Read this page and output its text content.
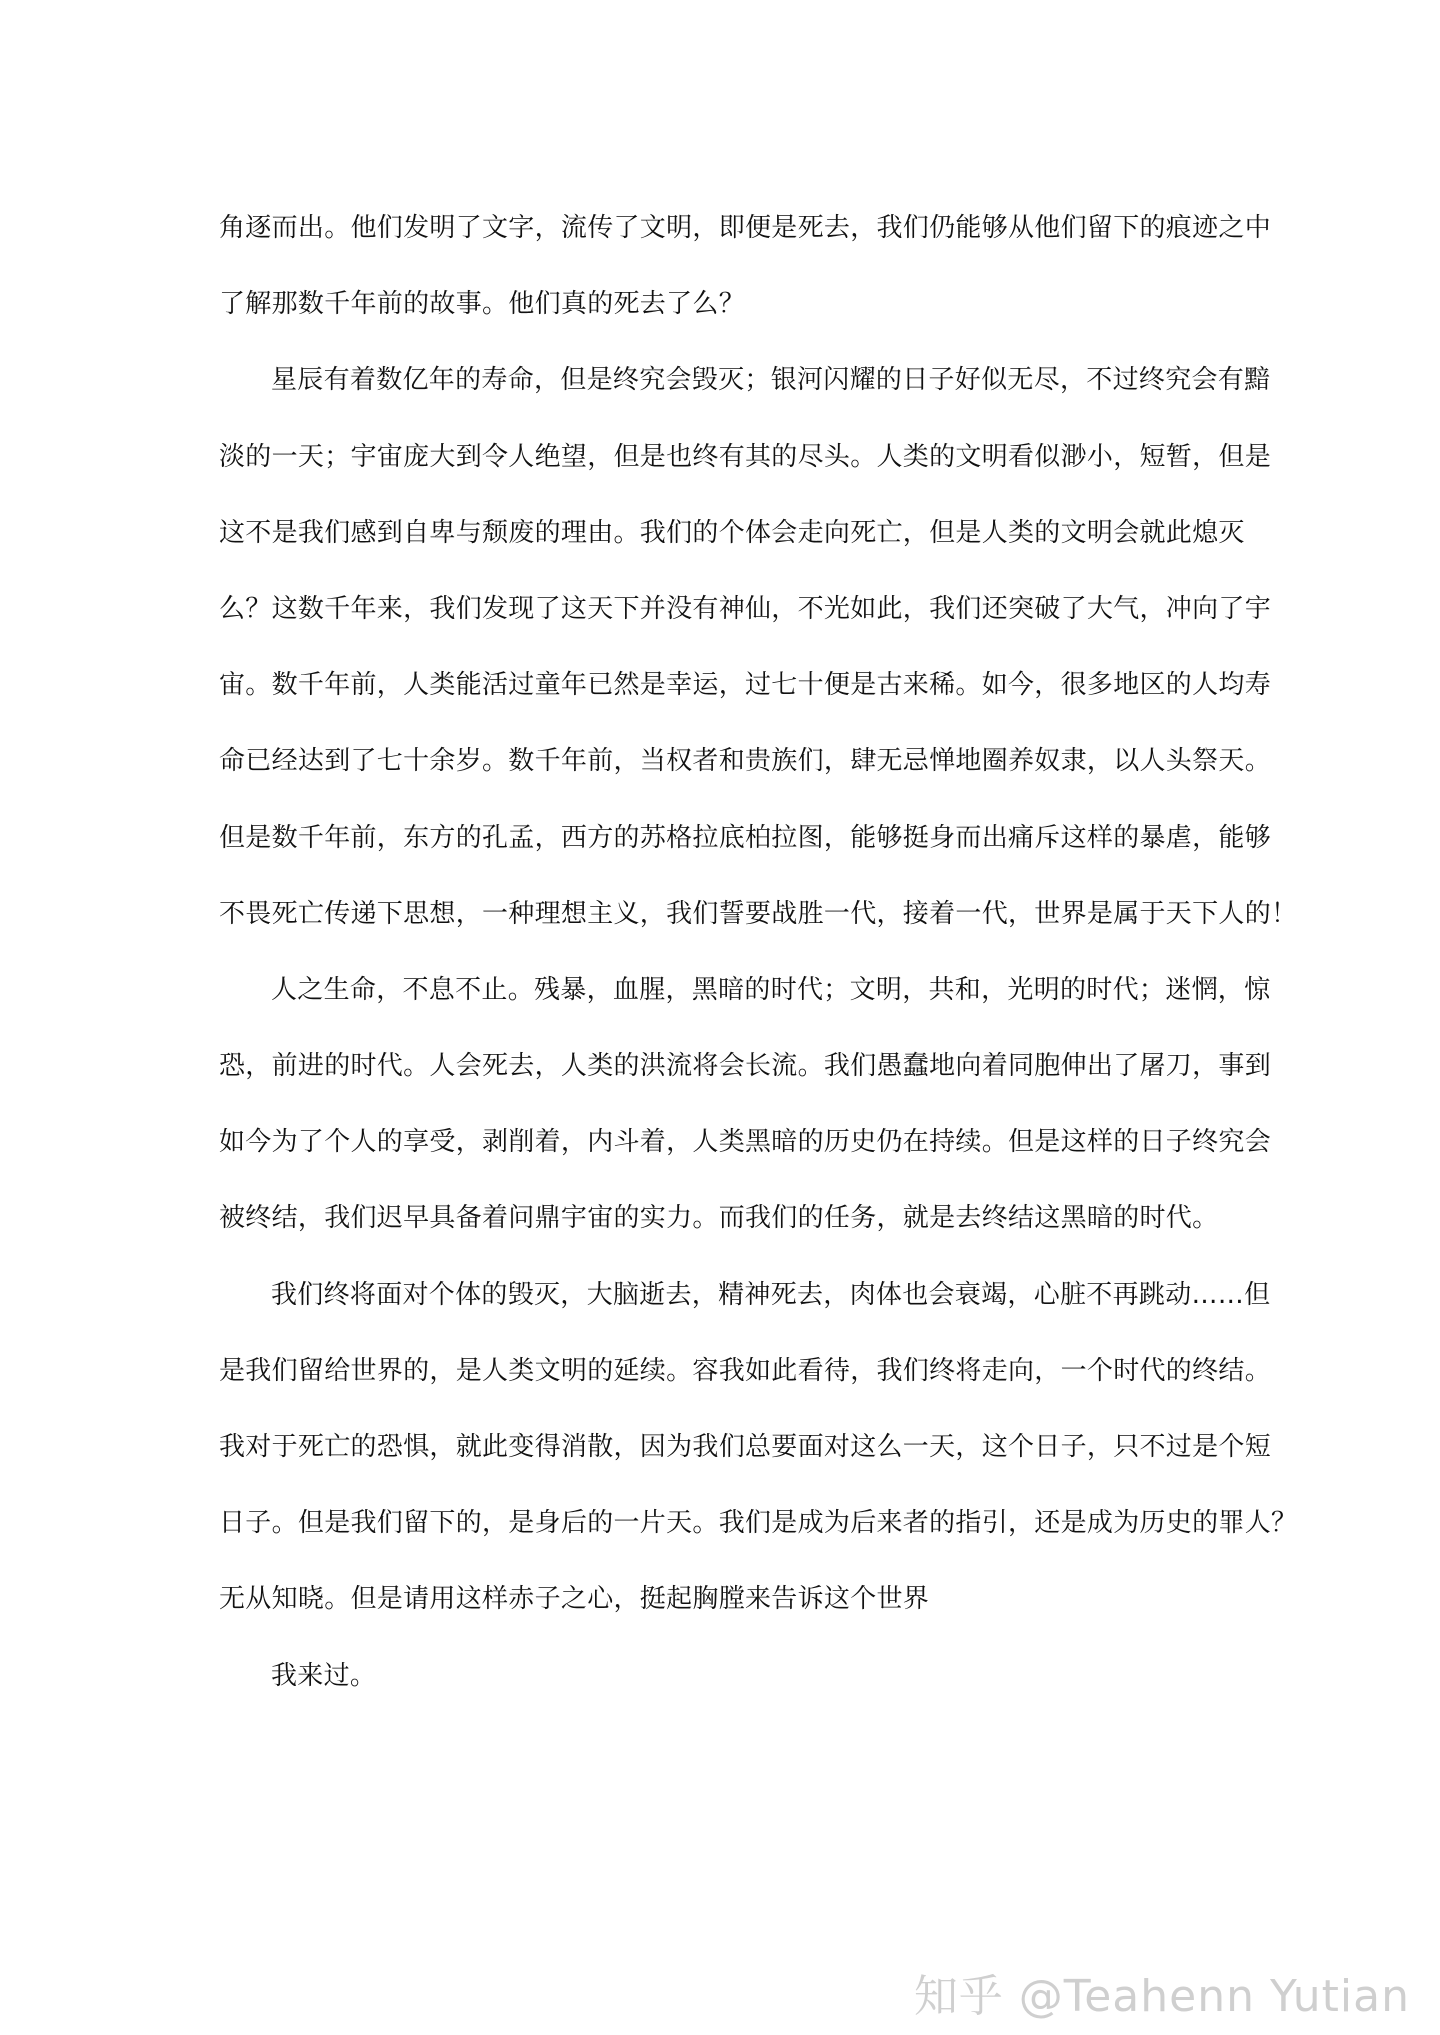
角逐而出。他们发明了文字，流传了文明，即便是死去，我们仍能够从他们留下的痕迹之中
了解那数千年前的故事。他们真的死去了么？
星辰有着数亿年的寿命，但是终究会毁灭；银河闪耀的日子好似无尽，不过终究会有黯
淡的一天；宇宙庞大到令人绝望，但是也终有其的尽头。人类的文明看似渺小，短暂，但是
这不是我们感到自卑与颓废的理由。我们的个体会走向死亡，但是人类的文明会就此熄灭
么？这数千年来，我们发现了这天下并没有神仙，不光如此，我们还突破了大气，冲向了宇
宙。数千年前，人类能活过童年已然是幸运，过七十便是古来稀。如今，很多地区的人均寿
命已经达到了七十余岁。数千年前，当权者和贵族们，肆无忌惮地圈养奴隶，以人头祭天。
但是数千年前，东方的孔孟，西方的苏格拉底柏拉图，能够挺身而出痛斥这样的暴虐，能够
不畏死亡传递下思想，一种理想主义，我们誓要战胜一代，接着一代，世界是属于天下人的！
人之生命，不息不止。残暴，血腥，黑暗的时代；文明，共和，光明的时代；迷惘，惊
恐，前进的时代。人会死去，人类的洪流将会长流。我们愚蠢地向着同胞伸出了屠刀，事到
如今为了个人的享受，剥削着，内斗着，人类黑暗的历史仍在持续。但是这样的日子终究会
被终结，我们迟早具备着问鼎宇宙的实力。而我们的任务，就是去终结这黑暗的时代。
我们终将面对个体的毁灭，大脑逝去，精神死去，肉体也会衰竭，心脏不再跳动……但
是我们留给世界的，是人类文明的延续。容我如此看待，我们终将走向，一个时代的终结。
我对于死亡的恐惧，就此变得消散，因为我们总要面对这么一天，这个日子，只不过是个短
日子。但是我们留下的，是身后的一片天。我们是成为后来者的指引，还是成为历史的罪人？
无从知晓。但是请用这样赤子之心，挺起胸膛来告诉这个世界
我来过。
知乎 @Teahenn Yutian
